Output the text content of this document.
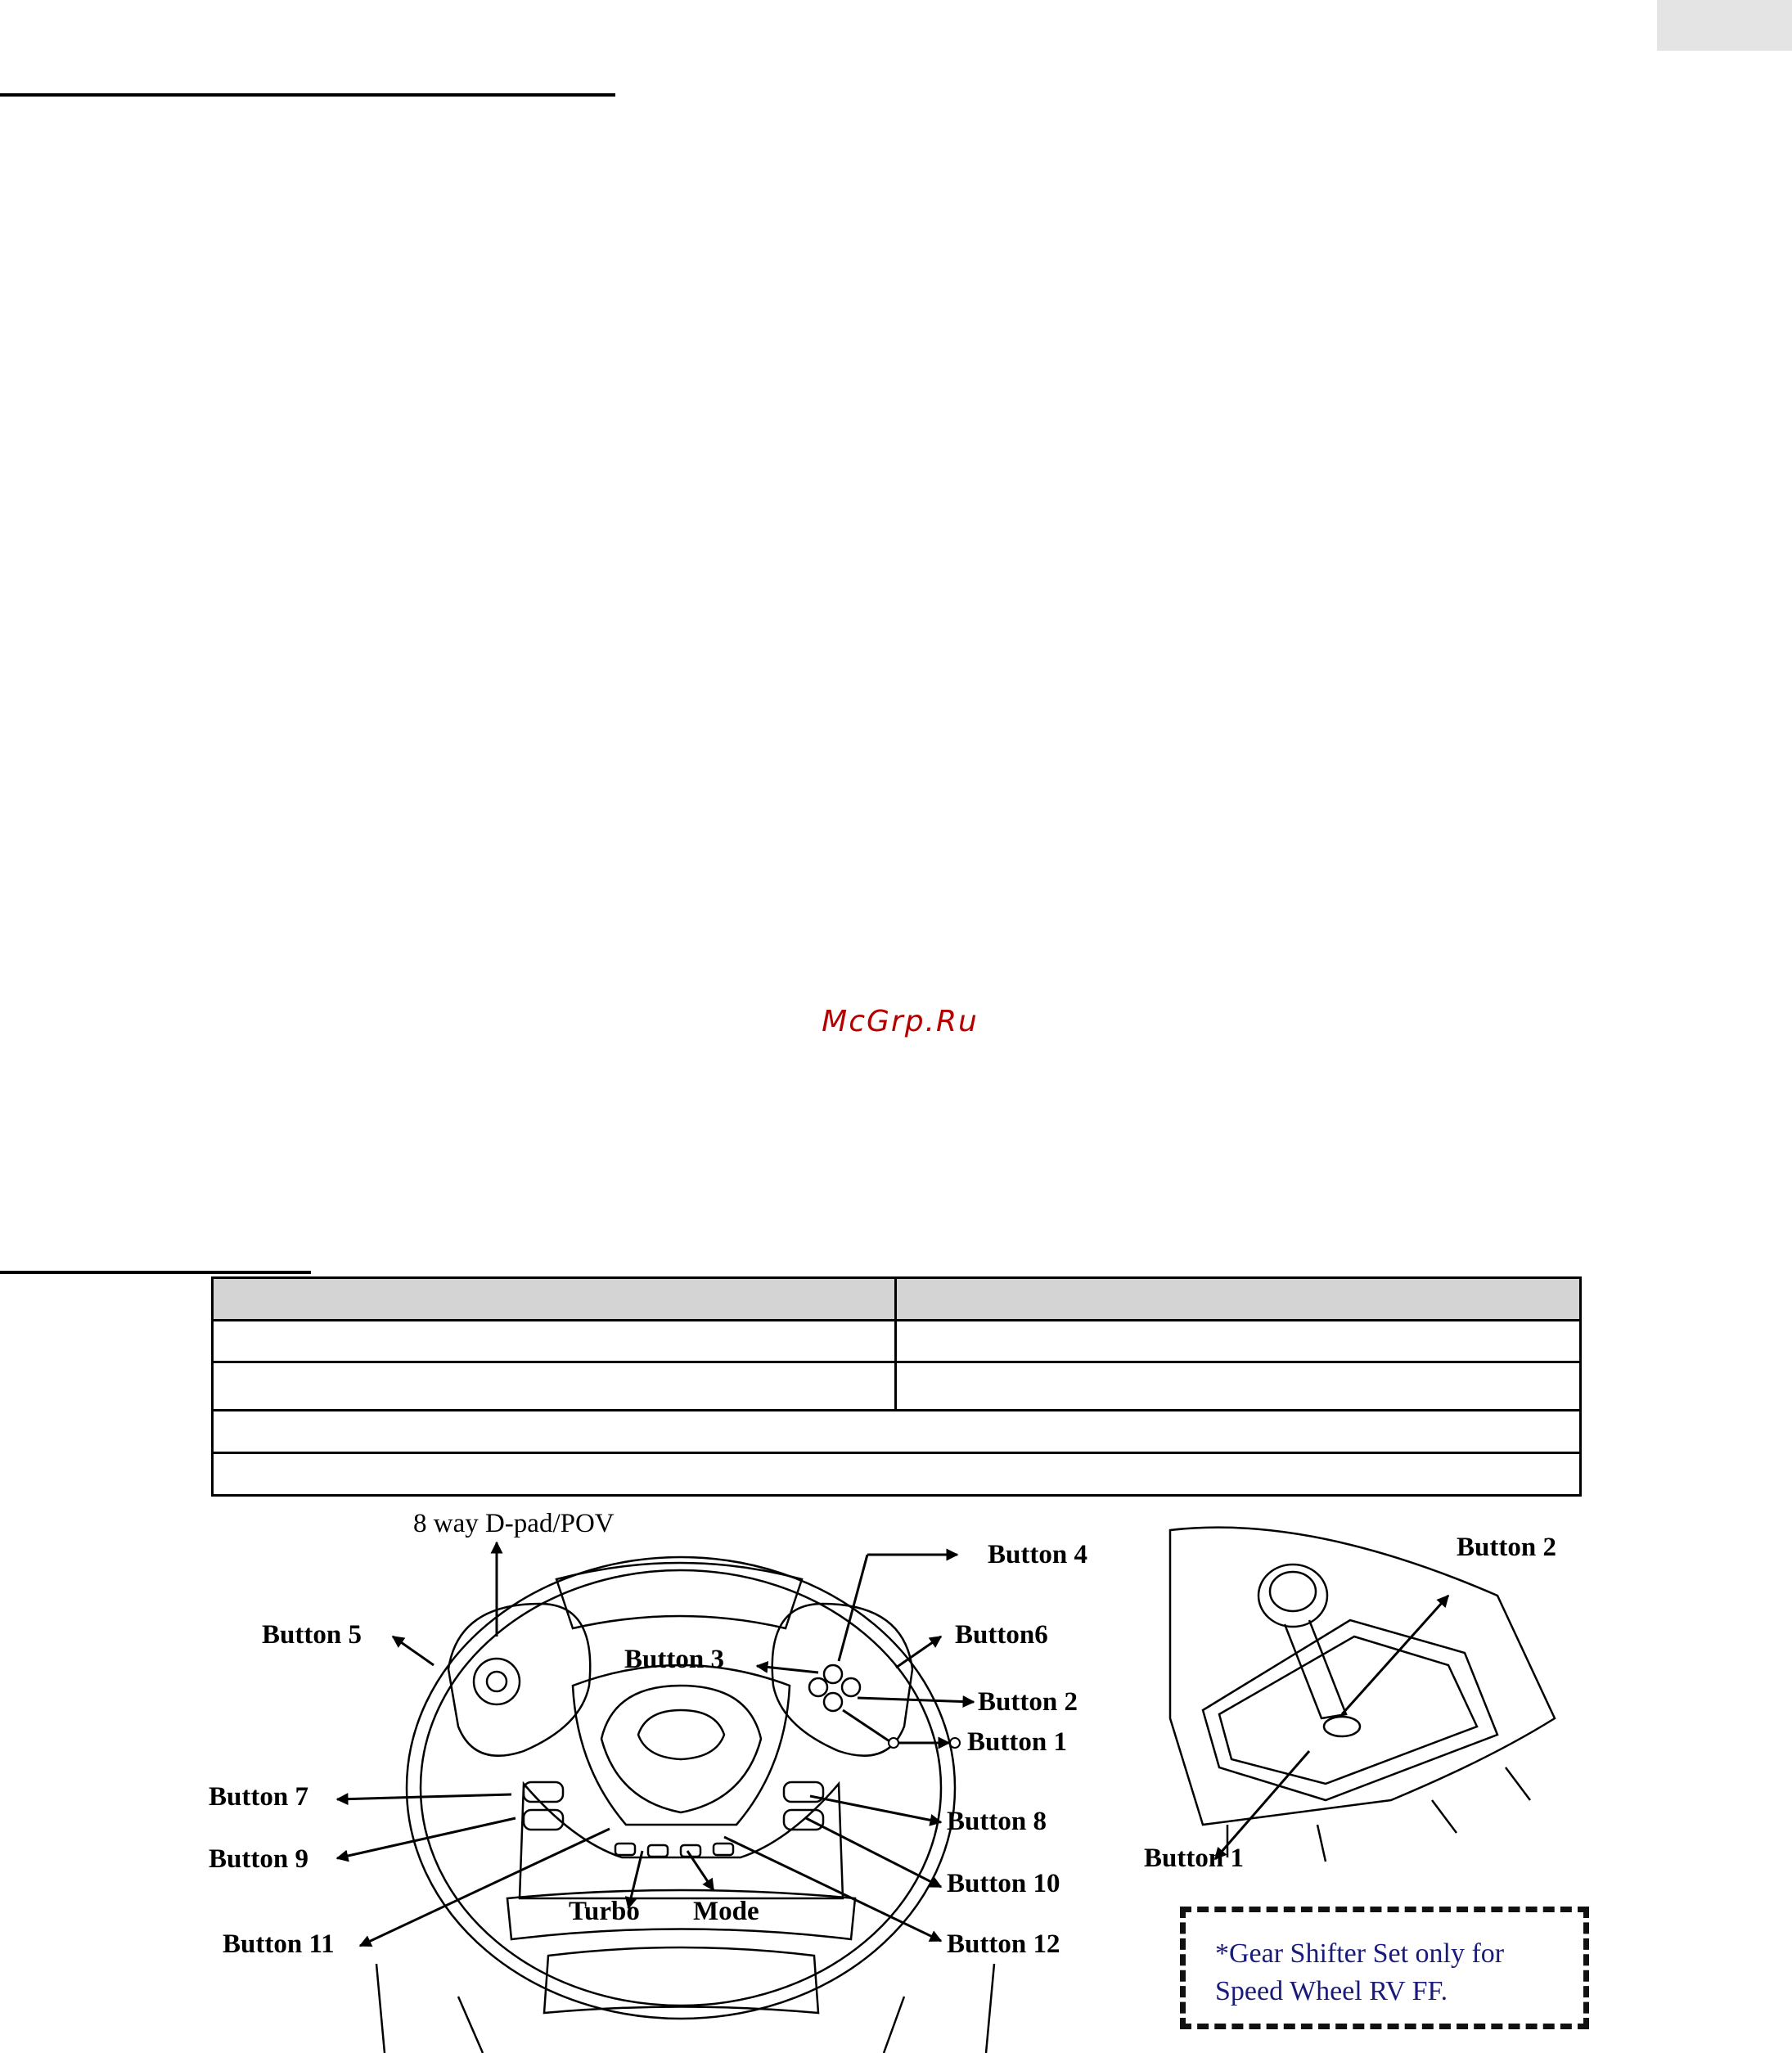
McGrp.Ru

8 way D-pad/POV
Button 4
Button 5	Button6
Button 3
Button 2
Button 1
Button 7
Button 8
Button 9
Button 10
Button 11	Button 12
Turbo Mode
Button 2
Button 1
*Gear Shifter Set only for
Speed Wheel RV FF.
